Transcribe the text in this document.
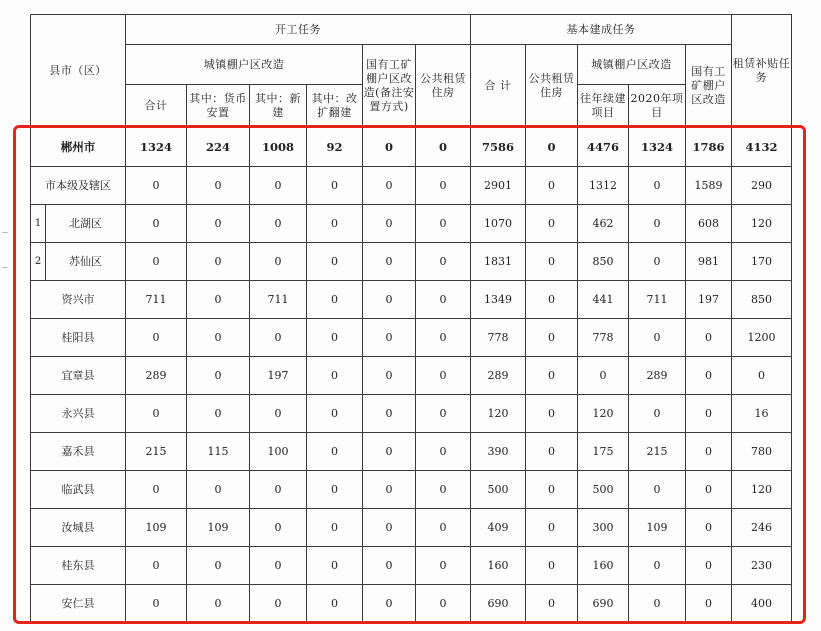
县市（区）		开工任务						基本建成任务					租赁补贴任务
		城镇棚户区改造				国有工矿棚户区改造(备注安置方式)	公共租赁住房	合 计	公共租赁住房	城镇棚户区改造		国有工矿棚户区改造	
		合计	其中：货币安置	其中：新　建	其中：改扩翻建					往年续建项目	2020年项目		
郴州市		1324	224	1008	92	0	0	7586	0	4476	1324	1786	4132
市本级及辖区		0	0	0	0	0	0	2901	0	1312	0	1589	290
1	北湖区	0	0	0	0	0	0	1070	0	462	0	608	120
2	苏仙区	0	0	0	0	0	0	1831	0	850	0	981	170
资兴市		711	0	711	0	0	0	1349	0	441	711	197	850
桂阳县		0	0	0	0	0	0	778	0	778	0	0	1200
宜章县		289	0	197	0	0	0	289	0	0	289	0	0
永兴县		0	0	0	0	0	0	120	0	120	0	0	16
嘉禾县		215	115	100	0	0	0	390	0	175	215	0	780
临武县		0	0	0	0	0	0	500	0	500	0	0	120
汝城县		109	109	0	0	0	0	409	0	300	109	0	246
桂东县		0	0	0	0	0	0	160	0	160	0	0	230
安仁县		0	0	0	0	0	0	690	0	690	0	0	400
